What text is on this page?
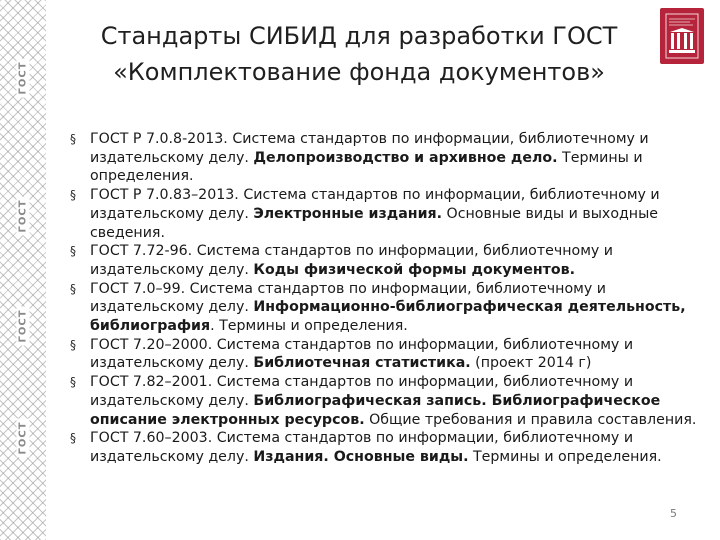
ГОСТ
ГОСТ
ГОСТ
ГОСТ
Стандарты СИБИД для разработки ГОСТ
«Комплектование фонда документов»
§ ГОСТ Р 7.0.8-2013. Система стандартов по информации, библиотечному и издательскому делу. Делопроизводство и архивное дело. Термины и определения.
§ ГОСТ Р 7.0.83–2013. Система стандартов по информации, библиотечному и издательскому делу. Электронные издания. Основные виды и выходные сведения.
§ ГОСТ 7.72-96. Система стандартов по информации, библиотечному и издательскому делу. Коды физической формы документов.
§ ГОСТ 7.0–99. Система стандартов по информации, библиотечному и издательскому делу. Информационно-библиографическая деятельность, библиография. Термины и определения.
§ ГОСТ 7.20–2000. Система стандартов по информации, библиотечному и издательскому делу. Библиотечная статистика. (проект 2014 г)
§ ГОСТ 7.82–2001. Система стандартов по информации, библиотечному и издательскому делу. Библиографическая запись. Библиографическое описание электронных ресурсов. Общие требования и правила составления.
§ ГОСТ 7.60–2003. Система стандартов по информации, библиотечному и издательскому делу. Издания. Основные виды. Термины и определения.
5
